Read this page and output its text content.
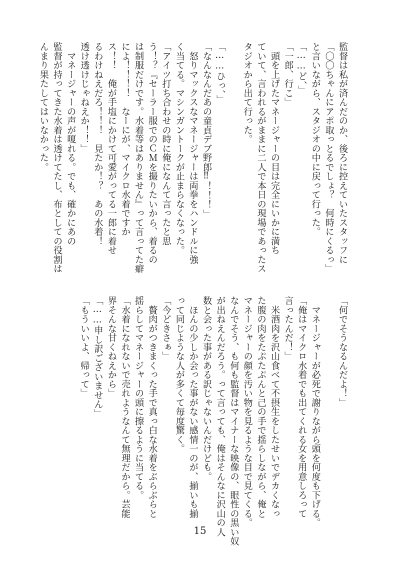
監督は私が済んだのか、後ろに控えていたスタッフに
「〇〇ちゃんにアポ取っとるでしょ？　何時にくるっ」
と言いながら、スタジオの中に戻って行った。
「……ど、」
「一郎、行こ」
　頭を上げたマネージャーの目は完全にいかに満ち
ていて、言われるがままに二人で本日の現場であったス
タジオから出て行った。

「……ひっ、」
「なんなんだあの童貞デブ野郎‼！！！」
　怒りマックスなマネージャーは両拳をハンドルに強
く当てる。マシンガントークが止まらなくなった。
「アイツ打ち合わせの時に俺になんて言ったと思
う！？『セーラー服でのＣＭを撮りたいから、着るの
は制服だけです。水着等はありません』って言ってた癖
によ！！！！　なーにが、マイクロ水着ですか
ス！！　俺が手塩にかけて可愛がってる一郎に着せ
るわけねえだろ！！！　見たか！？　あの水着！
透け透けじゃねえか！！」
　マネージャーの声が嗄れる。でも、確かにあの
監督が持ってきた水着は透けてたし、布としての役割は
んまり果たしてはいなかった。
「何でそうなるんだよ！」

　マネージャーが必死で謝りながら頭を何度も下げる。
「俺はマイクロ水着でも出てくれる女を用意しろって
言ったんだ！」
　米酒肉を沢山食べて不摂生をしたせいでデカくなっ
た腹の肉をたぷたぷんと己の手で揺らしながら、俺と
マネージャーの顔を汚い物を見るような目で見てくる。
なんでそう、も何も監督はマイナーな映像の、眼性の黒い奴
が出ねえんだろう。って言っても、俺はそんなに沢山の人
数と会った事がある訳じゃないんだけども。
　ほんの少しか会った事がない感情一のが、揃いも揃
って同じような人が多くて毎度驚く。
「今どきさぁ」
　贅肉がつきまくった手で真っ白な水着をぶらぶらと
揺らしてマネージャーの頭に擦るように当てる。
「水着になれないで売れようなんて無理だから。芸能
界そんな甘くねえから」
「……申し訳ございません」
「もういいよ、帰って」
15
